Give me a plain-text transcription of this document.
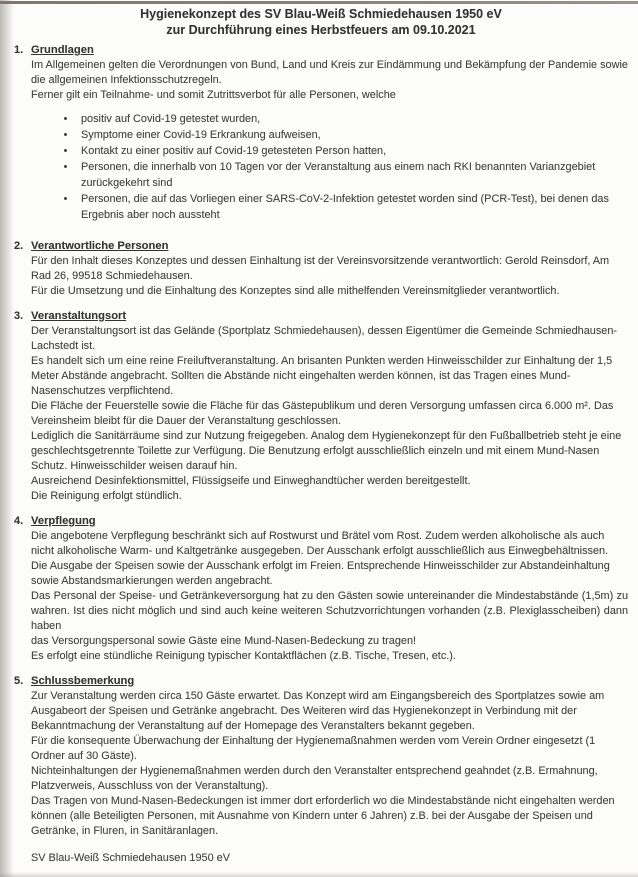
Hygienekonzept des SV Blau-Weiß Schmiedehausen 1950 eV
zur Durchführung eines Herbstfeuers am 09.10.2021
1. Grundlagen

Im Allgemeinen gelten die Verordnungen von Bund, Land und Kreis zur Eindämmung und Bekämpfung der Pandemie sowie die allgemeinen Infektionsschutzregeln.

Ferner gilt ein Teilnahme- und somit Zutrittsverbot für alle Personen, welche

• positiv auf Covid-19 getestet wurden,
• Symptome einer Covid-19 Erkrankung aufweisen,
• Kontakt zu einer positiv auf Covid-19 getesteten Person hatten,
• Personen, die innerhalb von 10 Tagen vor der Veranstaltung aus einem nach RKI benannten Varianzgebiet zurückgekehrt sind
• Personen, die auf das Vorliegen einer SARS-CoV-2-Infektion getestet worden sind (PCR-Test), bei denen das Ergebnis aber noch aussteht
2. Verantwortliche Personen

Für den Inhalt dieses Konzeptes und dessen Einhaltung ist der Vereinsvorsitzende verantwortlich: Gerold Reinsdorf, Am Rad 26, 99518 Schmiedehausen.

Für die Umsetzung und die Einhaltung des Konzeptes sind alle mithelfenden Vereinsmitglieder verantwortlich.

3. Veranstaltungsort

Der Veranstaltungsort ist das Gelände (Sportplatz Schmiedehausen), dessen Eigentümer die Gemeinde Schmiedhausen-Lachstedt ist.

Es handelt sich um eine reine Freiluftveranstaltung. An brisanten Punkten werden Hinweisschilder zur Einhaltung der 1,5 Meter Abstände angebracht. Sollten die Abstände nicht eingehalten werden können, ist das Tragen eines Mund-Nasenschutzes verpflichtend.

Die Fläche der Feuerstelle sowie die Fläche für das Gästepublikum und deren Versorgung umfassen circa 6.000 m². Das Vereinsheim bleibt für die Dauer der Veranstaltung geschlossen.

Lediglich die Sanitärräume sind zur Nutzung freigegeben. Analog dem Hygienekonzept für den Fußballbetrieb steht je eine geschlechtsgetrennte Toilette zur Verfügung. Die Benutzung erfolgt ausschließlich einzeln und mit einem Mund-Nasen Schutz. Hinweisschilder weisen darauf hin.

Ausreichend Desinfektionsmittel, Flüssigseife und Einweghandtücher werden bereitgestellt.

Die Reinigung erfolgt stündlich.

4. Verpflegung

Die angebotene Verpflegung beschränkt sich auf Rostwurst und Brätel vom Rost. Zudem werden alkoholische als auch nicht alkoholische Warm- und Kaltgetränke ausgegeben. Der Ausschank erfolgt ausschließlich aus Einwegbehältnissen.

Die Ausgabe der Speisen sowie der Ausschank erfolgt im Freien. Entsprechende Hinweisschilder zur Abstandeinhaltung sowie Abstandsmarkierungen werden angebracht.

Das Personal der Speise- und Getränkeversorgung hat zu den Gästen sowie untereinander die Mindestabstände (1,5m) zu wahren. Ist dies nicht möglich und sind auch keine weiteren Schutzvorrichtungen vorhanden (z.B. Plexiglasscheiben) dann haben

das Versorgungspersonal sowie Gäste eine Mund-Nasen-Bedeckung zu tragen!

Es erfolgt eine stündliche Reinigung typischer Kontaktflächen (z.B. Tische, Tresen, etc.).

5. Schlussbemerkung

Zur Veranstaltung werden circa 150 Gäste erwartet. Das Konzept wird am Eingangsbereich des Sportplatzes sowie am Ausgabeort der Speisen und Getränke angebracht. Des Weiteren wird das Hygienekonzept in Verbindung mit der Bekanntmachung der Veranstaltung auf der Homepage des Veranstalters bekannt gegeben.

Für die konsequente Überwachung der Einhaltung der Hygienemaßnahmen werden vom Verein Ordner eingesetzt (1 Ordner auf 30 Gäste).

Nichteinhaltungen der Hygienemaßnahmen werden durch den Veranstalter entsprechend geahndet (z.B. Ermahnung, Platzverweis, Ausschluss von der Veranstaltung).

Das Tragen von Mund-Nasen-Bedeckungen ist immer dort erforderlich wo die Mindestabstände nicht eingehalten werden können (alle Beteiligten Personen, mit Ausnahme von Kindern unter 6 Jahren) z.B. bei der Ausgabe der Speisen und Getränke, in Fluren, in Sanitäranlagen.

SV Blau-Weiß Schmiedehausen 1950 eV
